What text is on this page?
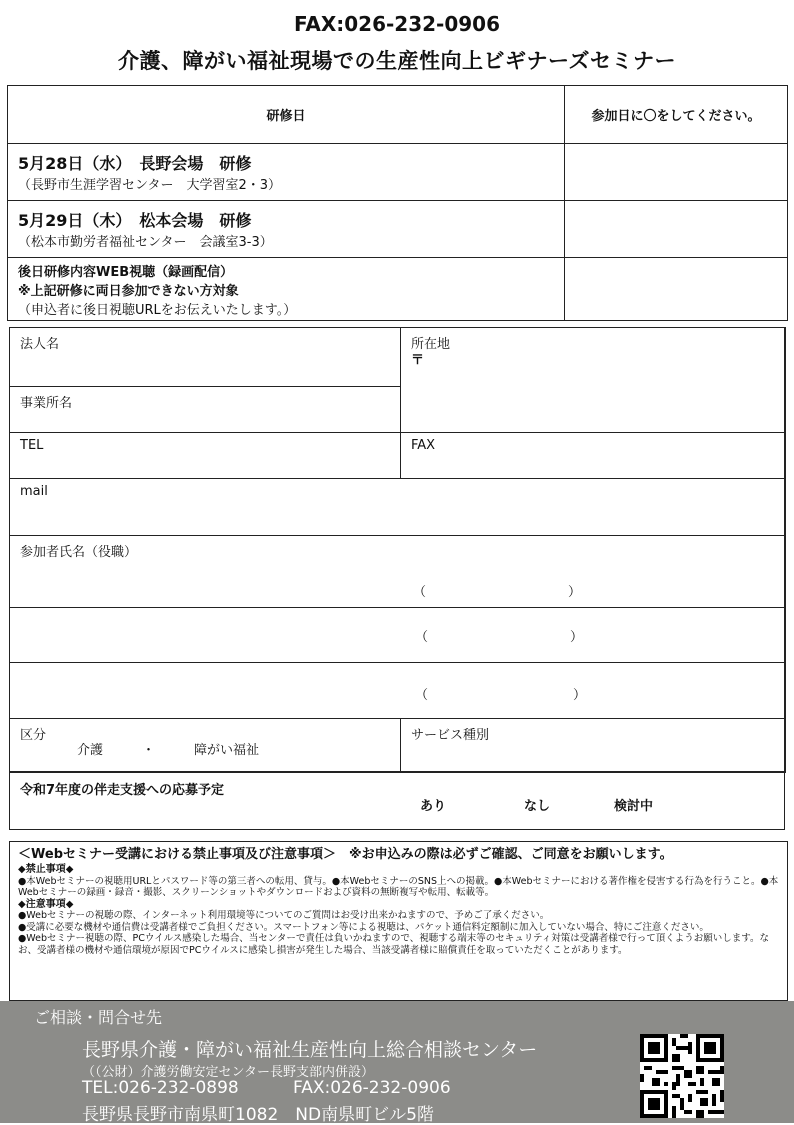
FAX:026-232-0906
介護、障がい福祉現場での生産性向上ビギナーズセミナー
研修日	参加日に〇をしてください。

5月28日（水）　長野会場　研修
（長野市生涯学習センター　大学習室2・3）	

5月29日（木）　松本会場　研修
（松本市勤労者福祉センター　会議室3-3）	

後日研修内容WEB視聴（録画配信）
※上記研修に両日参加できない方対象
（申込者に後日視聴URLをお伝えいたします。）	

法人名
事業所名
所在地
〒
TEL	FAX
mail
参加者氏名（役職）
（	）
（	）
（	）
区分
介護　　　・　　　障がい福祉
サービス種別
令和7年度の伴走支援への応募予定
あり	なし	検討中
＜Webセミナー受講における禁止事項及び注意事項＞　※お申込みの際は必ずご確認、ご同意をお願いします。
◆禁止事項◆
●本Webセミナーの視聴用URLとパスワード等の第三者への転用、貸与。●本WebセミナーのSNS上への掲載。●本Webセミナーにおける著作権を侵害する行為を行うこと。●本Webセミナーの録画・録音・撮影、スクリーンショットやダウンロードおよび資料の無断複写や転用、転載等。
◆注意事項◆
●Webセミナーの視聴の際、インターネット利用環境等についてのご質問はお受け出来かねますので、予めご了承ください。
●受講に必要な機材や通信費は受講者様でご負担ください。スマートフォン等による視聴は、パケット通信料定額制に加入していない場合、特にご注意ください。
●Webセミナー視聴の際、PCウイルス感染した場合、当センターで責任は負いかねますので、視聴する端末等のセキュリティ対策は受講者様で行って頂くようお願いします。なお、受講者様の機材や通信環境が原因でPCウイルスに感染し損害が発生した場合、当該受講者様に賠償責任を取っていただくことがあります。
ご相談・問合せ先
長野県介護・障がい福祉生産性向上総合相談センター
（（公財）介護労働安定センター長野支部内併設）
TEL:026-232-0898	FAX:026-232-0906
長野県長野市南県町1082　ND南県町ビル5階
